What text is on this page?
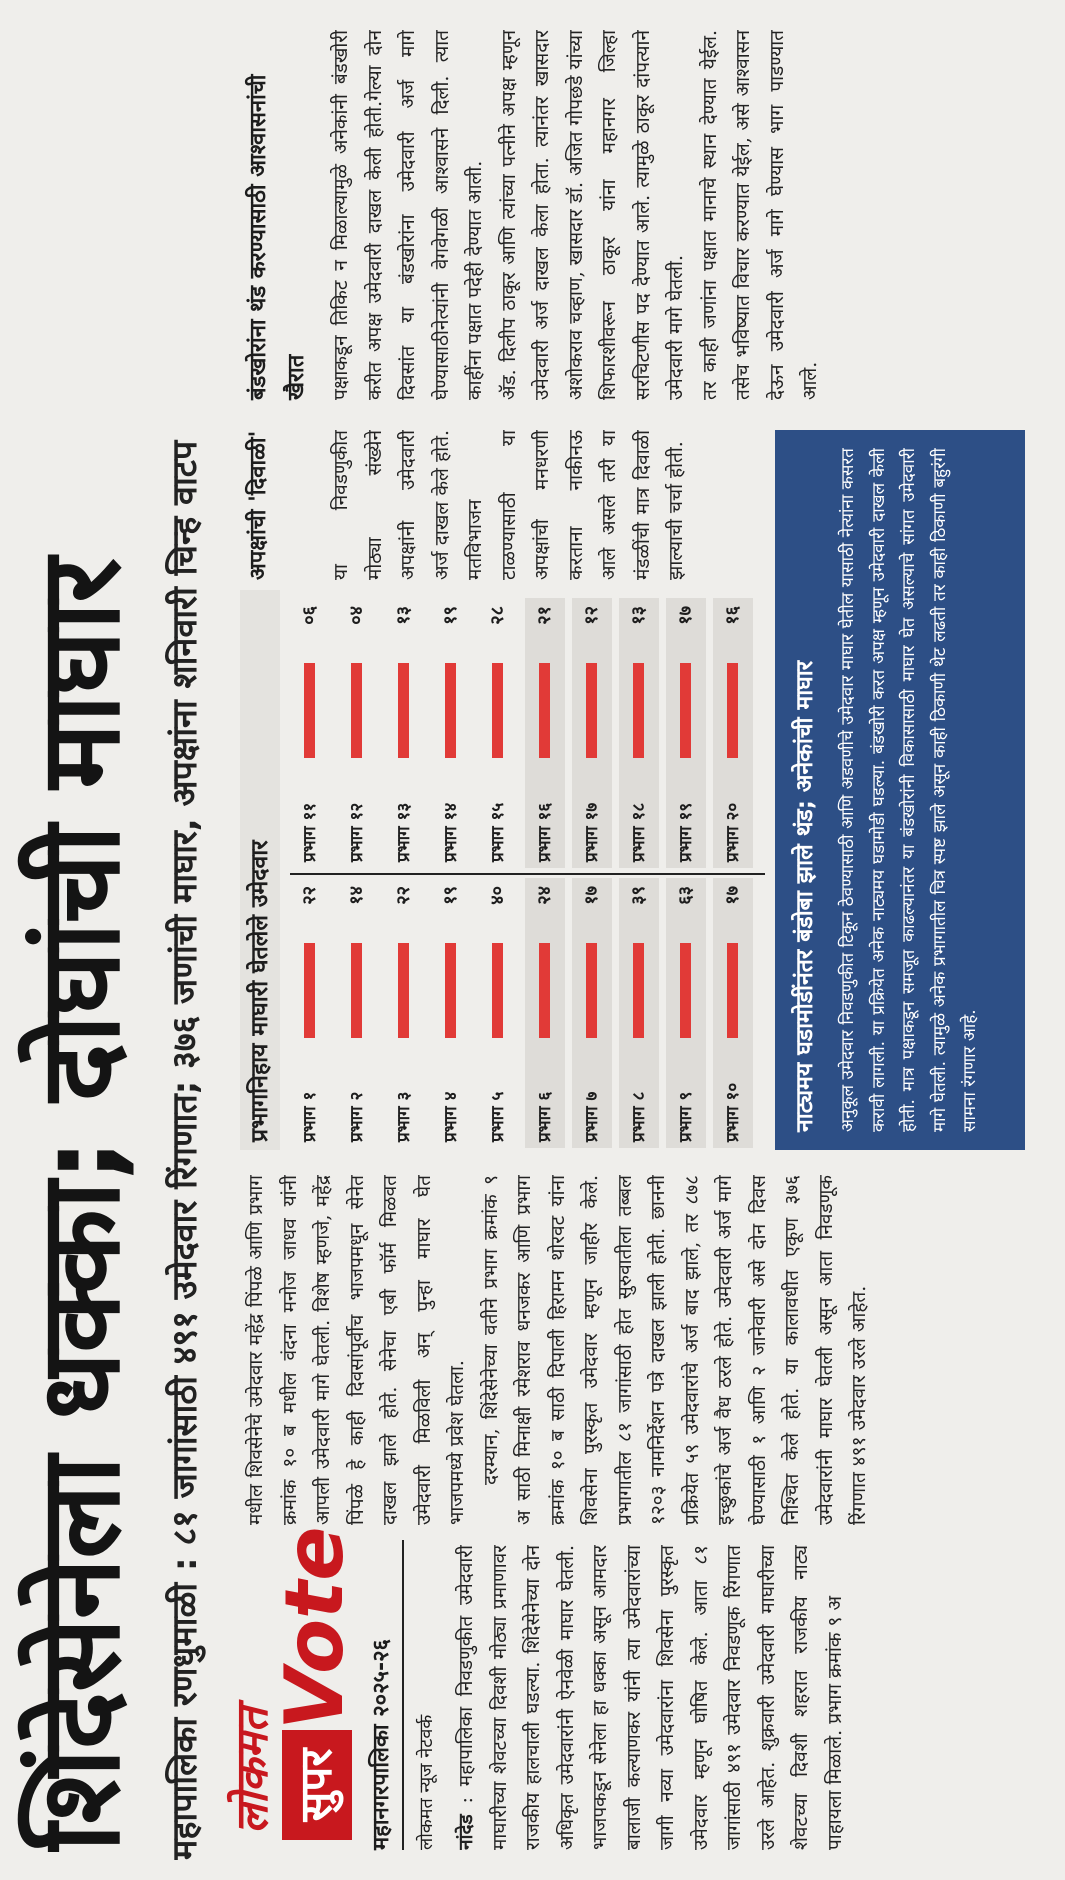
शिंदेसेनेला धक्का; दोघांची माघार महापालिका रणधुमाळी : ८१ जागांसाठी ४९१ उमेदवार रिंगणात; ३७६ जणांची माघार, अपक्षांना शनिवारी चिन्ह वाटप लोकमत सुपर
Vote
महानगरपालिका २०२५-२६	लोकमत न्यूज नेटवर्क नांदेड : महापालिका निवडणुकीत उमेदवारी माघारीच्या शेवटच्या दिवशी मोठ्या प्रमाणावर राजकीय हालचाली घडल्या. शिंदेसेनेच्या दोन अधिकृत उमेदवारांनी ऐनवेळी माघार घेतली. भाजपकडून सेनेला हा धक्का असून आमदार बालाजी कल्याणकर यांनी त्या उमेदवारांच्या जागी नव्या उमेदवारांना शिवसेना पुरस्कृत उमेदवार म्हणून घोषित केले. आता ८१ जागांसाठी ४९१ उमेदवार निवडणूक रिंगणात उरले आहेत. शुक्रवारी उमेदवारी माघारीच्या शेवटच्या दिवशी शहरात राजकीय नाट्य पाहायला मिळाले. प्रभाग क्रमांक ९ अ
मधील शिवसेनेचे उमेदवार महेंद्र पिंपळे आणि प्रभाग क्रमांक १० ब मधील वंदना मनोज जाधव यांनी आपली उमेदवारी मागे घेतली. विशेष म्हणजे, महेंद्र पिंपळे हे काही दिवसांपूर्वीच भाजपमधून सेनेत दाखल झाले होते. सेनेचा एबी फॉर्म मिळवत उमेदवारी मिळविली अन् पुन्हा माघार घेत भाजपमध्ये प्रवेश घेतला. दरम्यान, शिंदेसेनेच्या वतीने प्रभाग क्रमांक ९ अ साठी मिनाक्षी रमेशराव धनजकर आणि प्रभाग क्रमांक १० ब साठी दिपाली हिरामन थोरवट यांना शिवसेना पुरस्कृत उमेदवार म्हणून जाहीर केले. प्रभागातील ८१ जागांसाठी होत सुरुवातीला तब्बल १२०३ नामनिर्देशन पत्रे दाखल झाली होती. छाननी प्रक्रियेत ५९ उमेदवारांचे अर्ज बाद झाले, तर ८७८ इच्छुकांचे अर्ज वैध ठरले होते. उमेदवारी अर्ज मागे घेण्यासाठी १ आणि २ जानेवारी असे दोन दिवस निश्चित केले होते. या कालावधीत एकूण ३७६ उमेदवारांनी माघार घेतली असून आता निवडणूक रिंगणात ४९१ उमेदवार उरले आहेत.
प्रभागनिहाय माघारी घेतलेले उमेदवार
अपक्षांची 'दिवाळी'	या निवडणुकीत मोठ्या संख्येने अपक्षांनी उमेदवारी अर्ज दाखल केले होते. मतविभाजन टाळण्यासाठी या अपक्षांची मनधरणी करताना नाकीनऊ आले असले तरी या मंडळींची मात्र दिवाळी झाल्याची चर्चा होती.
बंडखोरांना थंड करण्यासाठी आश्वासनांची खैरात	पक्षाकडून तिकिट न मिळाल्यामुळे अनेकांनी बंडखोरी करीत अपक्ष उमेदवारी दाखल केली होती.गेल्या दोन दिवसांत या बंडखोरांना उमेदवारी अर्ज मागे घेण्यासाठीनेत्यांनी वेगवेगळी आश्वासने दिली. त्यात काहींना पक्षात पदेही देण्यात आली. ॲड. दिलीप ठाकूर आणि त्यांच्या पत्नीने अपक्ष म्हणून उमेदवारी अर्ज दाखल केला होता. त्यानंतर खासदार अशोकराव चव्हाण, खासदार डॉ. अजित गोपछडे यांच्या शिफारशीवरून ठाकूर यांना महानगर जिल्हा सरचिटणीस पद देण्यात आले. त्यामुळे ठाकूर दांपत्याने उमेदवारी मागे घेतली. तर काही जणांना पक्षात मानाचे स्थान देण्यात येईल. तसेच भविष्यात विचार करण्यात येईल, असे आश्वासन देऊन उमेदवारी अर्ज मागे घेण्यास भाग पाडण्यात आले.
नाट्यमय घडामोडींनंतर बंडोबा झाले थंड; अनेकांची माघार अनुकूल उमेदवार निवडणुकीत टिकून ठेवण्यासाठी आणि अडवणीचे उमेदवार माघार घेतील यासाठी नेत्यांना कसरत करावी लागली. या प्रक्रियेत अनेक नाट्यमय घडामोडी घडल्या. बंडखोरी करत अपक्ष म्हणून उमेदवारी दाखल केली होती. मात्र पक्षाकडून समजूत काढल्यानंतर या बंडखोरांनी विकासासाठी माघार घेत असल्याचे सांगत उमेदवारी मागे घेतली. त्यामुळे अनेक प्रभागातील चित्र स्पष्ट झाले असून काही ठिकाणी थेट लढती तर काही ठिकाणी बहुरंगी सामना रंगणार आहे.
प्रभाग १
२२
प्रभाग २
१४
प्रभाग ३
२२
प्रभाग ४
१९
प्रभाग ५
४०
प्रभाग ६
२४
प्रभाग ७
१७
प्रभाग ८
३९
प्रभाग ९
६३
प्रभाग १०
१७
प्रभाग ११
०६
प्रभाग १२
०४
प्रभाग १३
१३
प्रभाग १४
१९
प्रभाग १५
२८
प्रभाग १६
२१
प्रभाग १७
१२
प्रभाग १८
१३
प्रभाग १९
१७
प्रभाग २०
१६
